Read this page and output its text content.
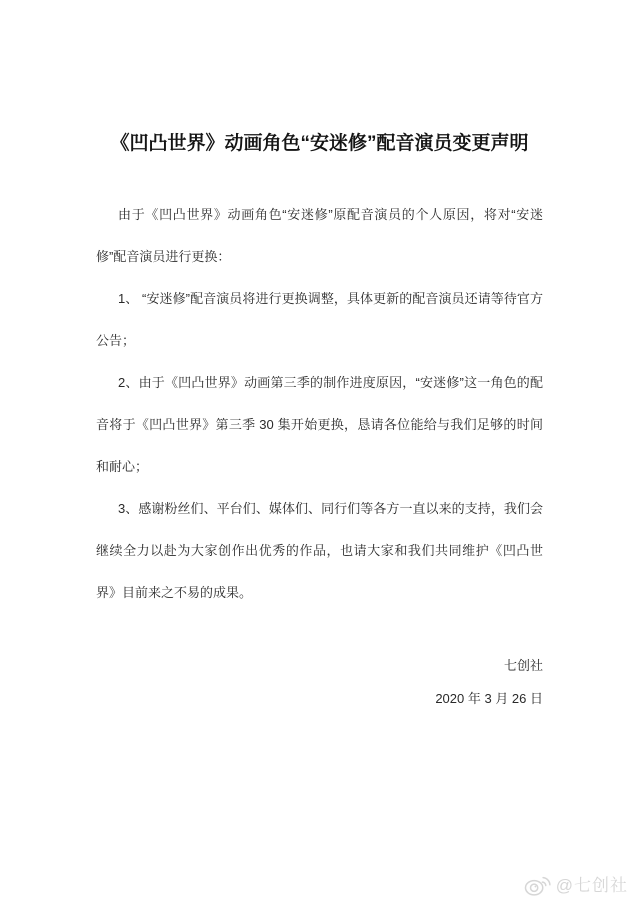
《凹凸世界》动画角色“安迷修”配音演员变更声明

由于《凹凸世界》动画角色“安迷修”原配音演员的个人原因，将对“安迷修”配音演员进行更换：

1、 “安迷修”配音演员将进行更换调整，具体更新的配音演员还请等待官方公告；

2、由于《凹凸世界》动画第三季的制作进度原因，“安迷修”这一角色的配音将于《凹凸世界》第三季 30 集开始更换，恳请各位能给与我们足够的时间和耐心；

3、感谢粉丝们、平台们、媒体们、同行们等各方一直以来的支持，我们会继续全力以赴为大家创作出优秀的作品，也请大家和我们共同维护《凹凸世界》目前来之不易的成果。

七创社
2020 年 3 月 26 日
@七创社
